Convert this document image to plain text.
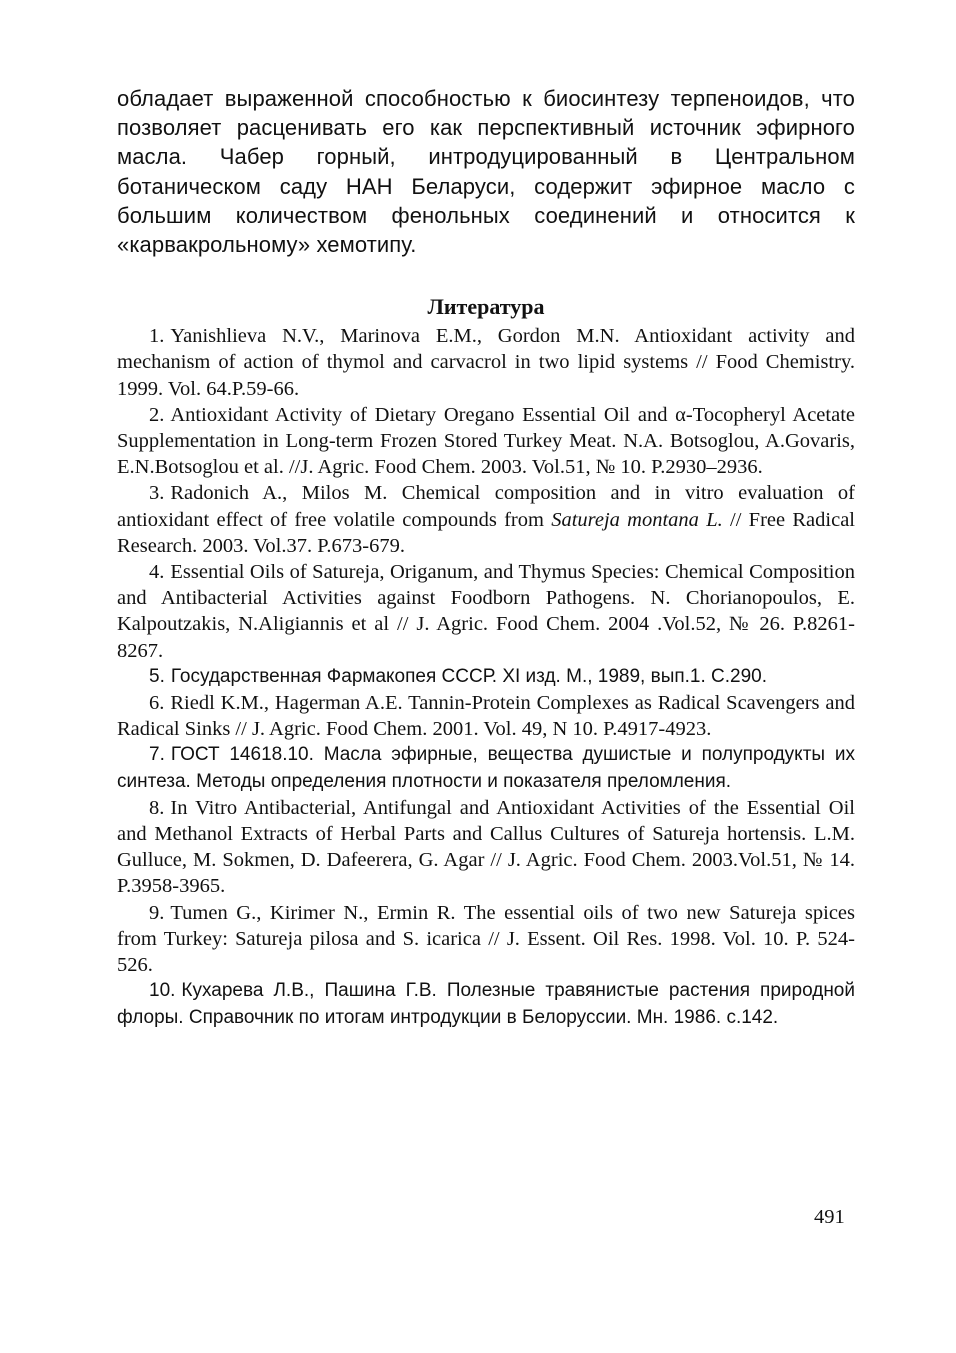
обладает выраженной способностью к биосинтезу терпеноидов, что позволяет расценивать его как перспективный источник эфирного масла. Чабер горный, интродуцированный в Центральном ботаническом саду НАН Беларуси, содержит эфирное масло с большим количеством фенольных соединений и относится к «карвакрольному» хемотипу.

Литература
1. Yanishlieva N.V., Marinova E.M., Gordon M.N. Antioxidant activity and mechanism of action of thymol and carvacrol in two lipid systems // Food Chemistry. 1999. Vol. 64.P.59-66.
2. Antioxidant Activity of Dietary Oregano Essential Oil and α-Tocopheryl Acetate Supplementation in Long-term Frozen Stored Turkey Meat. N.A. Botsoglou, A.Govaris, E.N.Botsoglou et al. //J. Agric. Food Chem. 2003. Vol.51, № 10. P.2930–2936.
3. Radonich A., Milos M. Chemical composition and in vitro evaluation of antioxidant effect of free volatile compounds from Satureja montana L. // Free Radical Research. 2003. Vol.37. P.673-679.
4. Essential Oils of Satureja, Origanum, and Thymus Species: Chemical Composition and Antibacterial Activities against Foodborn Pathogens. N. Chorianopoulos, E. Kalpoutzakis, N.Aligiannis et al // J. Agric. Food Chem. 2004 .Vol.52, № 26. P.8261-8267.
5. Государственная Фармакопея СССР. XI изд. М., 1989, вып.1. С.290.
6. Riedl K.M., Hagerman A.E. Tannin-Protein Complexes as Radical Scavengers and Radical Sinks // J. Agric. Food Chem. 2001. Vol. 49, N 10. P.4917-4923.
7. ГОСТ 14618.10. Масла эфирные, вещества душистые и полупродукты их синтеза. Методы определения плотности и показателя преломления.
8. In Vitro Antibacterial, Antifungal and Antioxidant Activities of the Essential Oil and Methanol Extracts of Herbal Parts and Callus Cultures of Satureja hortensis. L.M. Gulluce, M. Sokmen, D. Dafeerera, G. Agar // J. Agric. Food Chem. 2003.Vol.51, № 14. P.3958-3965.
9. Tumen G., Kirimer N., Ermin R. The essential oils of two new Satureja spices from Turkey: Satureja pilosa and S. icarica // J. Essent. Oil Res. 1998. Vol. 10. P. 524-526.
10. Кухарева Л.В., Пашина Г.В. Полезные травянистые растения природной флоры. Справочник по итогам интродукции в Белоруссии. Мн. 1986. с.142.
491
